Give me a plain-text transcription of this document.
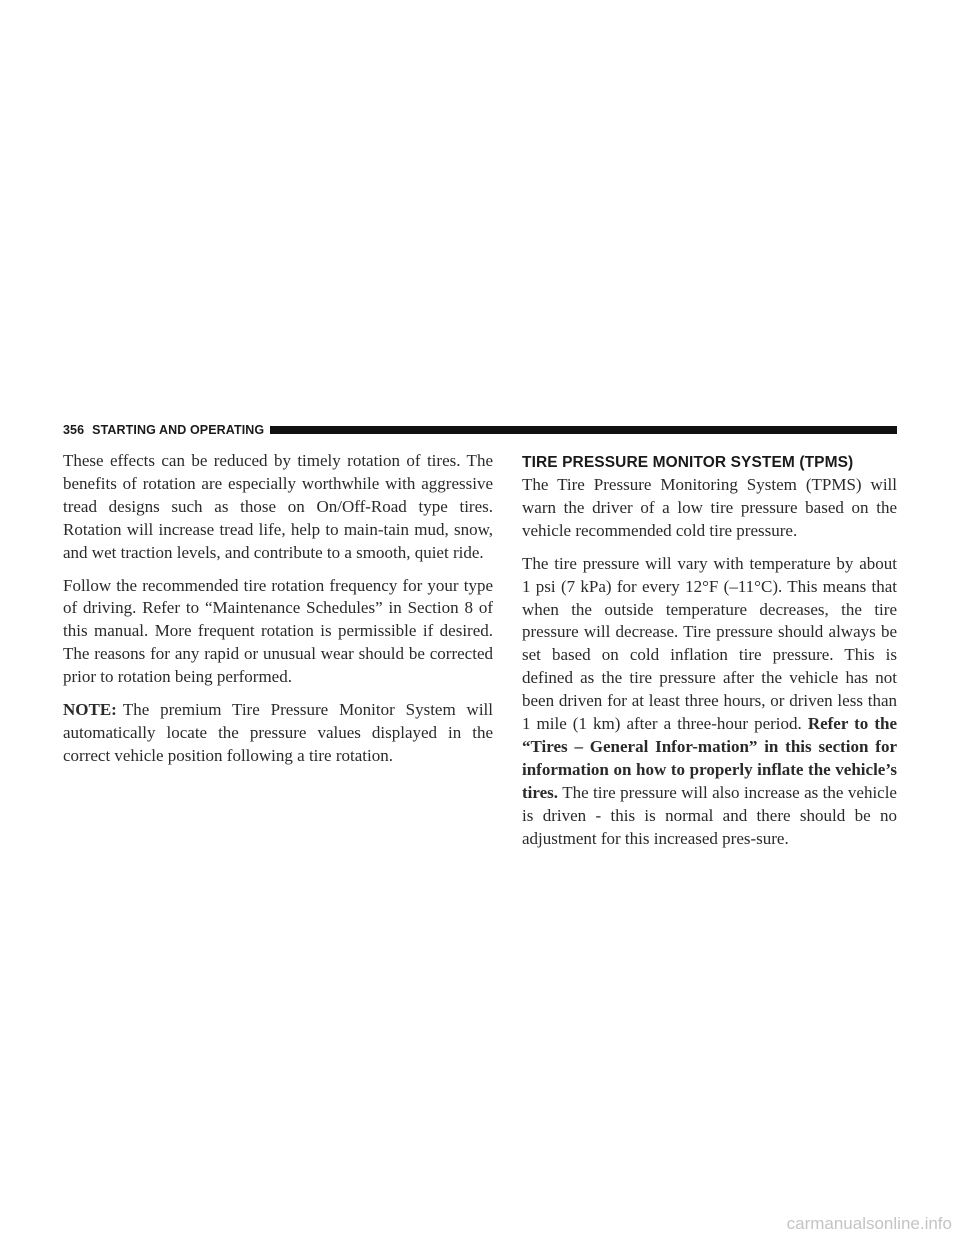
356 STARTING AND OPERATING

These effects can be reduced by timely rotation of tires. The benefits of rotation are especially worthwhile with aggressive tread designs such as those on On/Off-Road type tires. Rotation will increase tread life, help to main-tain mud, snow, and wet traction levels, and contribute to a smooth, quiet ride.

Follow the recommended tire rotation frequency for your type of driving. Refer to “Maintenance Schedules” in Section 8 of this manual. More frequent rotation is permissible if desired. The reasons for any rapid or unusual wear should be corrected prior to rotation being performed.

NOTE: The premium Tire Pressure Monitor System will automatically locate the pressure values displayed in the correct vehicle position following a tire rotation.

TIRE PRESSURE MONITOR SYSTEM (TPMS)

The Tire Pressure Monitoring System (TPMS) will warn the driver of a low tire pressure based on the vehicle recommended cold tire pressure.

The tire pressure will vary with temperature by about 1 psi (7 kPa) for every 12°F (–11°C). This means that when the outside temperature decreases, the tire pressure will decrease. Tire pressure should always be set based on cold inflation tire pressure. This is defined as the tire pressure after the vehicle has not been driven for at least three hours, or driven less than 1 mile (1 km) after a three-hour period. Refer to the “Tires – General Infor-mation” in this section for information on how to properly inflate the vehicle’s tires. The tire pressure will also increase as the vehicle is driven - this is normal and there should be no adjustment for this increased pres-sure.

carmanualsonline.info
